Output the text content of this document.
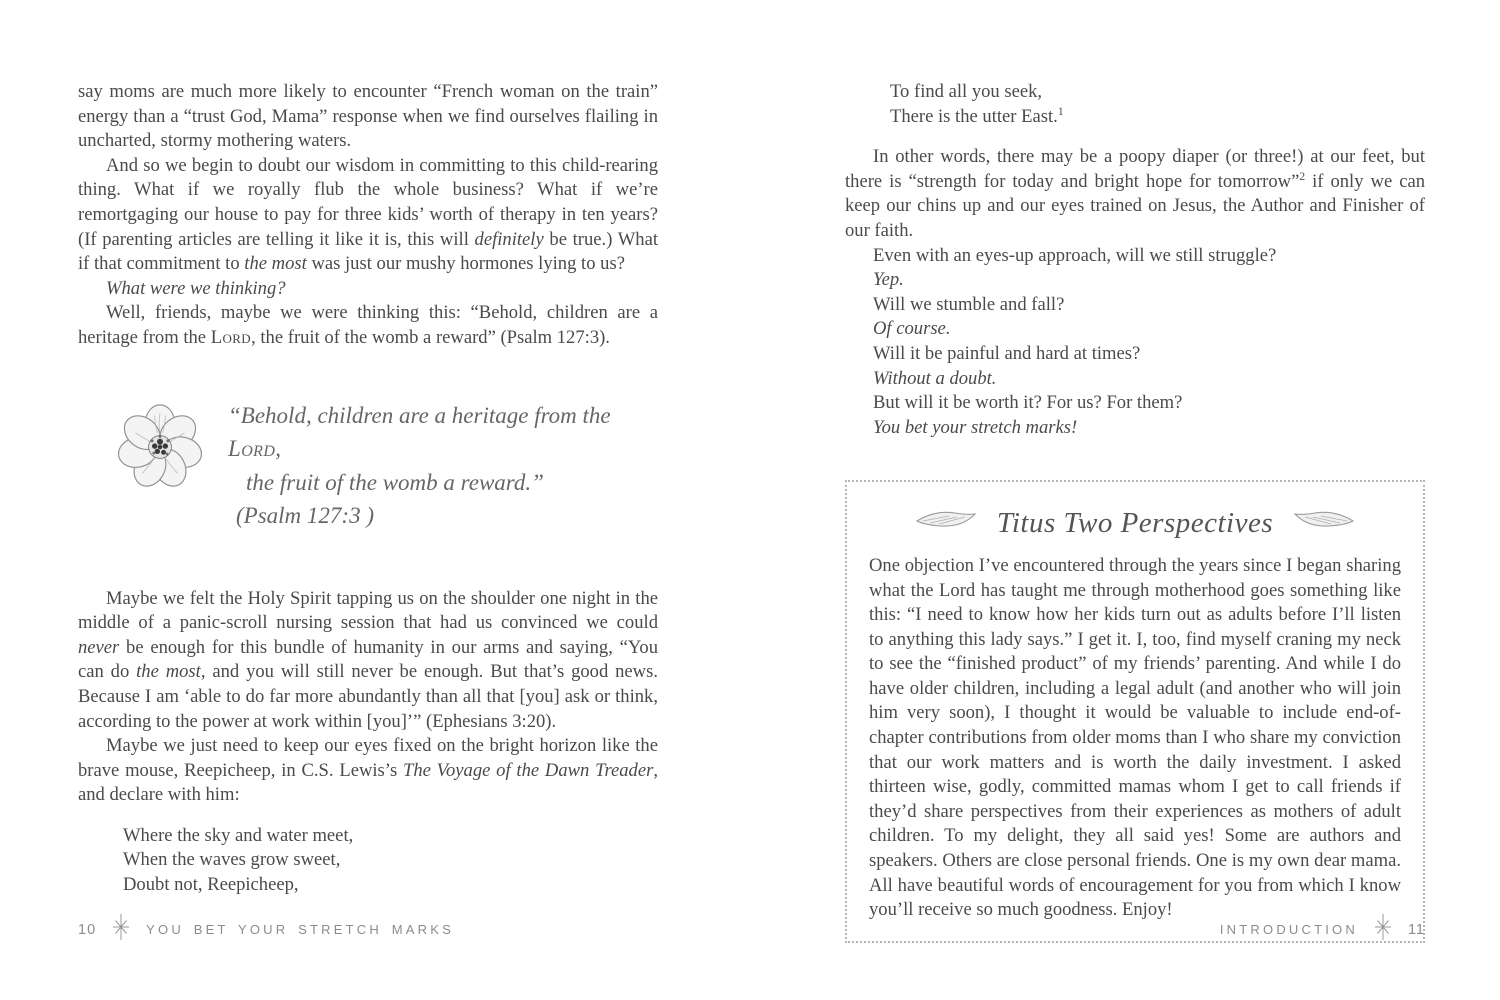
say moms are much more likely to encounter “French woman on the train” energy than a “trust God, Mama” response when we find ourselves flailing in uncharted, stormy mothering waters.

And so we begin to doubt our wisdom in committing to this child-rearing thing. What if we royally flub the whole business? What if we’re remortgaging our house to pay for three kids’ worth of therapy in ten years? (If parenting articles are telling it like it is, this will definitely be true.) What if that commitment to the most was just our mushy hormones lying to us?

What were we thinking?

Well, friends, maybe we were thinking this: “Behold, children are a heritage from the Lord, the fruit of the womb a reward” (Psalm 127:3).

“Behold, children are a heritage from the Lord,
the fruit of the womb a reward.”
(Psalm 127:3 )

Maybe we felt the Holy Spirit tapping us on the shoulder one night in the middle of a panic-scroll nursing session that had us convinced we could never be enough for this bundle of humanity in our arms and saying, “You can do the most, and you will still never be enough. But that’s good news. Because I am ‘able to do far more abundantly than all that [you] ask or think, according to the power at work within [you]’” (Ephesians 3:20).

Maybe we just need to keep our eyes fixed on the bright horizon like the brave mouse, Reepicheep, in C.S. Lewis’s The Voyage of the Dawn Treader, and declare with him:

Where the sky and water meet,
When the waves grow sweet,
Doubt not, Reepicheep,
To find all you seek,
There is the utter East.$^1$

In other words, there may be a poopy diaper (or three!) at our feet, but there is “strength for today and bright hope for tomorrow”$^2$ if only we can keep our chins up and our eyes trained on Jesus, the Author and Finisher of our faith.

Even with an eyes-up approach, will we still struggle?

Yep.
Will we stumble and fall?
Of course.
Will it be painful and hard at times?
Without a doubt.
But will it be worth it? For us? For them?
You bet your stretch marks!
Titus Two Perspectives

One objection I’ve encountered through the years since I began sharing what the Lord has taught me through motherhood goes something like this: “I need to know how her kids turn out as adults before I’ll listen to anything this lady says.” I get it. I, too, find myself craning my neck to see the “finished product” of my friends’ parenting. And while I do have older children, including a legal adult (and another who will join him very soon), I thought it would be valuable to include end-of-chapter contributions from older moms than I who share my conviction that our work matters and is worth the daily investment. I asked thirteen wise, godly, committed mamas whom I get to call friends if they’d share perspectives from their experiences as mothers of adult children. To my delight, they all said yes! Some are authors and speakers. Others are close personal friends. One is my own dear mama. All have beautiful words of encouragement for you from which I know you’ll receive so much goodness. Enjoy!

10	YOU BET YOUR STRETCH MARKS	INTRODUCTION	11
